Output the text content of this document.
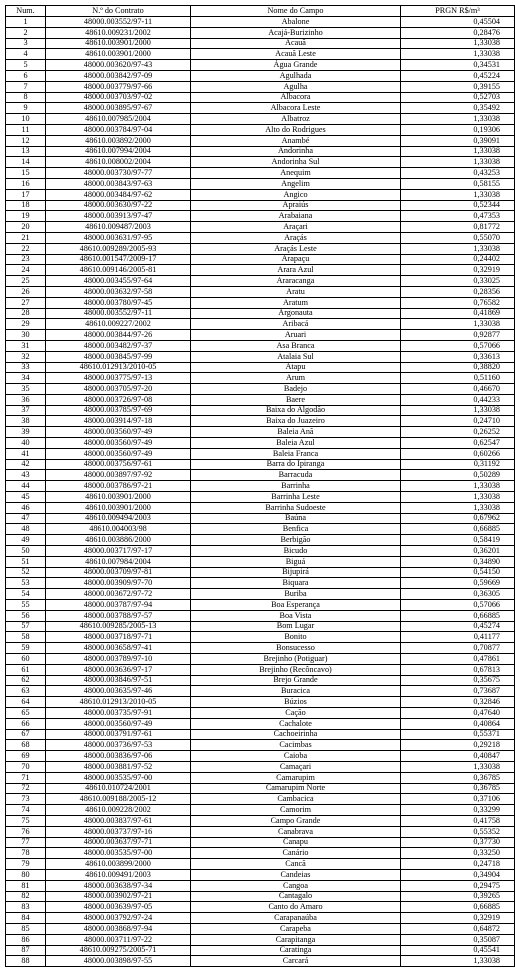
Num.	N.º do Contrato	Nome do Campo	PRGN R$/m³
1	48000.003552/97-11	Abalone	0,45504
2	48610.009231/2002	Acajá-Burizinho	0,28476
3	48610.003901/2000	Acauã	1,33038
4	48610.003901/2000	Acauã Leste	1,33038
5	48000.003620/97-43	Água Grande	0,34531
6	48000.003842/97-09	Agulhada	0,45224
7	48000.003779/97-66	Agulha	0,39155
8	48000.003703/97-02	Albacora	0,52703
9	48000.003895/97-67	Albacora Leste	0,35492
10	48610.007985/2004	Albatroz	1,33038
11	48000.003784/97-04	Alto do Rodrigues	0,19306
12	48610.003892/2000	Anambé	0,39091
13	48610.007994/2004	Andorinha	1,33038
14	48610.008002/2004	Andorinha Sul	1,33038
15	48000.003730/97-77	Anequim	0,43253
16	48000.003843/97-63	Angelim	0,58155
17	48000.003484/97-62	Angico	1,33038
18	48000.003630/97-22	Apraiús	0,52344
19	48000.003913/97-47	Arabaiana	0,47353
20	48610.009487/2003	Araçari	0,81772
21	48000.003631/97-95	Araçás	0,55070
22	48610.009289/2005-93	Araçás Leste	1,33038
23	48610.001547/2009-17	Arapaçu	0,24402
24	48610.009146/2005-81	Arara Azul	0,32919
25	48000.003455/97-64	Araracanga	0,33025
26	48000.003632/97-58	Aratu	0,28356
27	48000.003780/97-45	Aratum	0,76582
28	48000.003552/97-11	Argonauta	0,41869
29	48610.009227/2002	Aribacá	1,33038
30	48000.003844/97-26	Aruari	0,92877
31	48000.003482/97-37	Asa Branca	0,57066
32	48000.003845/97-99	Atalaia Sul	0,33613
33	48610.012913/2010-05	Atapu	0,38820
34	48000.003775/97-13	Arum	0,51160
35	48000.003705/97-20	Badejo	0,46670
36	48000.003726/97-08	Baere	0,44233
37	48000.003785/97-69	Baixa do Algodão	1,33038
38	48000.003914/97-18	Baixa do Juazeiro	0,24710
39	48000.003560/97-49	Baleia Anã	0,26252
40	48000.003560/97-49	Baleia Azul	0,62547
41	48000.003560/97-49	Baleia Franca	0,60266
42	48000.003756/97-61	Barra do Ipiranga	0,31192
43	48000.003897/97-92	Barracuda	0,50289
44	48000.003786/97-21	Barrinha	1,33038
45	48610.003901/2000	Barrinha Leste	1,33038
46	48610.003901/2000	Barrinha Sudoeste	1,33038
47	48610.009494/2003	Baúna	0,67962
48	48610.004003/98	Benfica	0,66885
49	48610.003886/2000	Berbigão	0,58419
50	48000.003717/97-17	Bicudo	0,36201
51	48610.007984/2004	Biguá	0,34890
52	48000.003709/97-81	Bijupirá	0,54150
53	48000.003909/97-70	Biquara	0,59669
54	48000.003672/97-72	Buriba	0,36305
55	48000.003787/97-94	Boa Esperança	0,57066
56	48000.003788/97-57	Boa Vista	0,66885
57	48610.009285/2005-13	Bom Lugar	0,45274
58	48000.003718/97-71	Bonito	0,41177
59	48000.003658/97-41	Bonsucesso	0,70877
60	48000.003789/97-10	Brejinho (Potiguar)	0,47861
61	48000.003636/97-17	Brejinho (Recôncavo)	0,67813
62	48000.003846/97-51	Brejo Grande	0,35675
63	48000.003635/97-46	Buracica	0,73687
64	48610.012913/2010-05	Búzios	0,32846
65	48000.003735/97-91	Cação	0,47640
66	48000.003560/97-49	Cachalote	0,40864
67	48000.003791/97-61	Cachoeirinha	0,55371
68	48000.003736/97-53	Cacimbas	0,29218
69	48000.003836/97-06	Caioba	0,40847
70	48000.003881/97-52	Camaçari	1,33038
71	48000.003535/97-00	Camarupim	0,36785
72	48610.010724/2001	Camarupim Norte	0,36785
73	48610.009188/2005-12	Cambacica	0,37106
74	48610.009228/2002	Camorim	0,33299
75	48000.003837/97-61	Campo Grande	0,41758
76	48000.003737/97-16	Canabrava	0,55352
77	48000.003637/97-71	Canapu	0,37730
78	48000.003535/97-00	Canário	0,33250
79	48610.003899/2000	Cancã	0,24718
80	48610.009491/2003	Candeias	0,34904
81	48000.003638/97-34	Cangoa	0,29475
82	48000.003902/97-21	Cantagalo	0,39265
83	48000.003639/97-05	Canto do Amaro	0,66885
84	48000.003792/97-24	Carapanaúba	0,32919
85	48000.003868/97-94	Carapeba	0,64872
86	48000.003711/97-22	Carapitanga	0,35087
87	48610.009275/2005-71	Caratinga	0,45541
88	48000.003898/97-55	Carcará	1,33038
